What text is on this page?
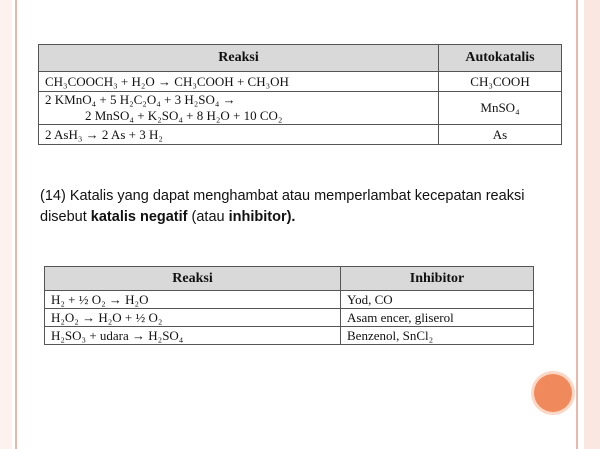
Reaksi	Autokatalis

CH₃COOCH₃ + H₂O → CH₃COOH + CH₃OH	CH₃COOH

2 KMnO₄ + 5 H₂C₂O₄ + 3 H₂SO₄ →
2 MnSO₄ + K₂SO₄ + 8 H₂O + 10 CO₂	MnSO₄

2 AsH₃ → 2 As + 3 H₂	As
(14) Katalis yang dapat menghambat atau memperlambat kecepatan reaksi disebut katalis negatif (atau inhibitor).
Reaksi	Inhibitor
H₂ + ½ O₂ → H₂O	Yod, CO
H₂O₂ → H₂O + ½ O₂	Asam encer, gliserol
H₂SO₃ + udara → H₂SO₄	Benzenol, SnCl₂
